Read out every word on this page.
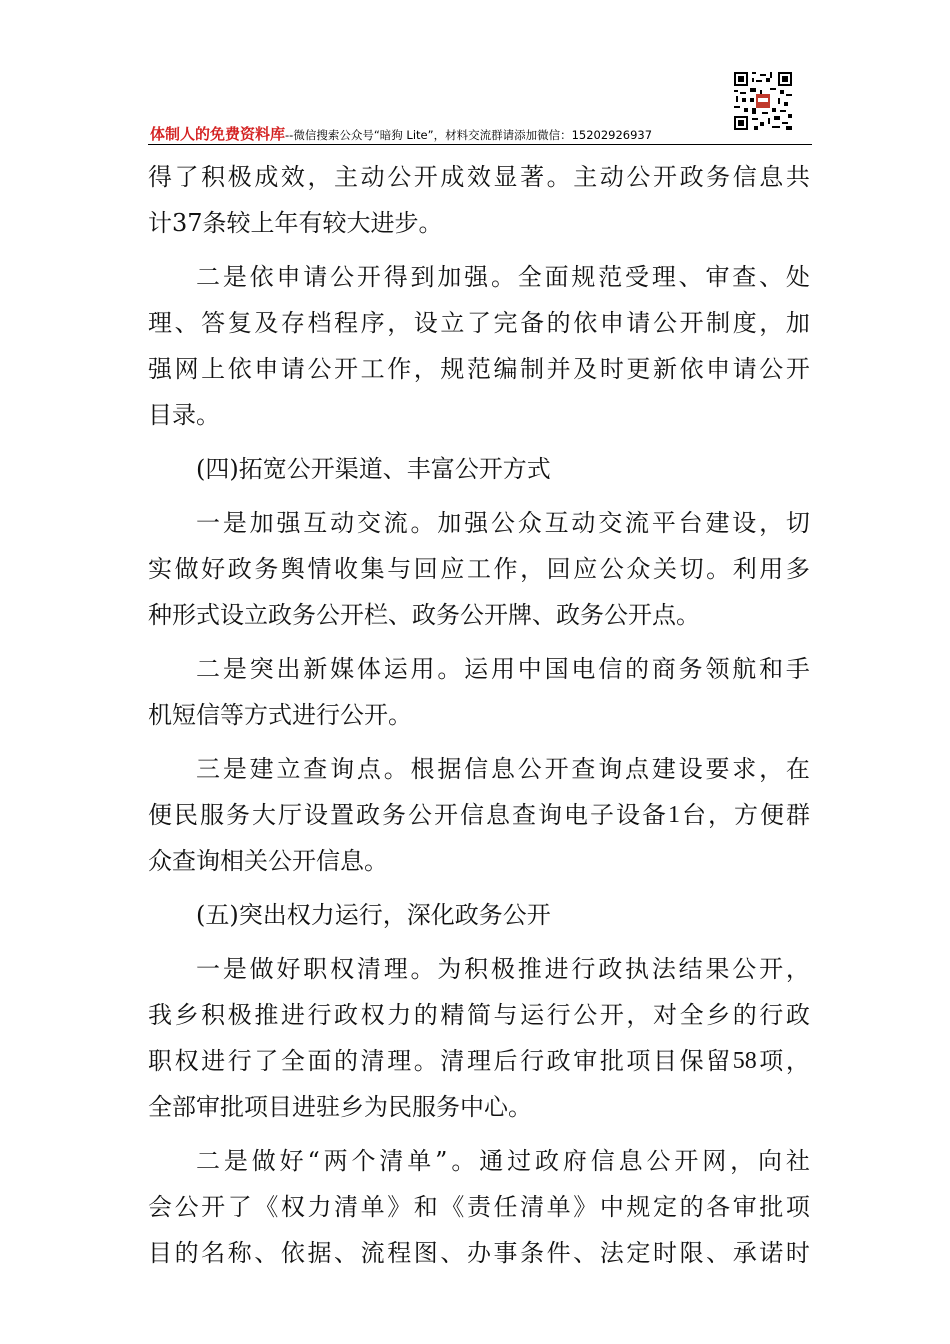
体制人的免费资料库--微信搜索公众号“暗狗 Lite”，材料交流群请添加微信：15202926937
得 了 积 极 成 效 ， 主 动 公 开 成 效 显 著 。 主 动 公 开 政 务 信 息 共
计37条较上年有较大进步。
二 是 依 申 请 公 开 得 到 加 强 。 全 面 规 范 受 理 、 审 查 、 处
理 、 答 复 及 存 档 程 序 ， 设 立 了 完 备 的 依 申 请 公 开 制 度 ， 加
强 网 上 依 申 请 公 开 工 作 ， 规 范 编 制 并 及 时 更 新 依 申 请 公 开
目录。
(四)拓宽公开渠道、丰富公开方式
一 是 加 强 互 动 交 流 。 加 强 公 众 互 动 交 流 平 台 建 设 ， 切
实 做 好 政 务 舆 情 收 集 与 回 应 工 作 ， 回 应 公 众 关 切 。 利 用 多
种形式设立政务公开栏、政务公开牌、政务公开点。
二 是 突 出 新 媒 体 运 用 。 运 用 中 国 电 信 的 商 务 领 航 和 手
机短信等方式进行公开。
三 是 建 立 查 询 点 。 根 据 信 息 公 开 查 询 点 建 设 要 求 ， 在
便 民 服 务 大 厅 设 置 政 务 公 开 信 息 查 询 电 子 设 备 1 台 ， 方 便 群
众查询相关公开信息。
(五)突出权力运行，深化政务公开
一 是 做 好 职 权 清 理 。 为 积 极 推 进 行 政 执 法 结 果 公 开 ，
我 乡 积 极 推 进 行 政 权 力 的 精 简 与 运 行 公 开 ， 对 全 乡 的 行 政
职 权 进 行 了 全 面 的 清 理 。 清 理 后 行 政 审 批 项 目 保 留 58 项 ，
全部审批项目进驻乡为民服务中心。
二 是 做 好 “ 两 个 清 单 ” 。 通 过 政 府 信 息 公 开 网 ， 向 社
会 公 开 了 《 权 力 清 单 》 和 《 责 任 清 单 》 中 规 定 的 各 审 批 项
目 的 名 称 、 依 据 、 流 程 图 、 办 事 条 件 、 法 定 时 限 、 承 诺 时
